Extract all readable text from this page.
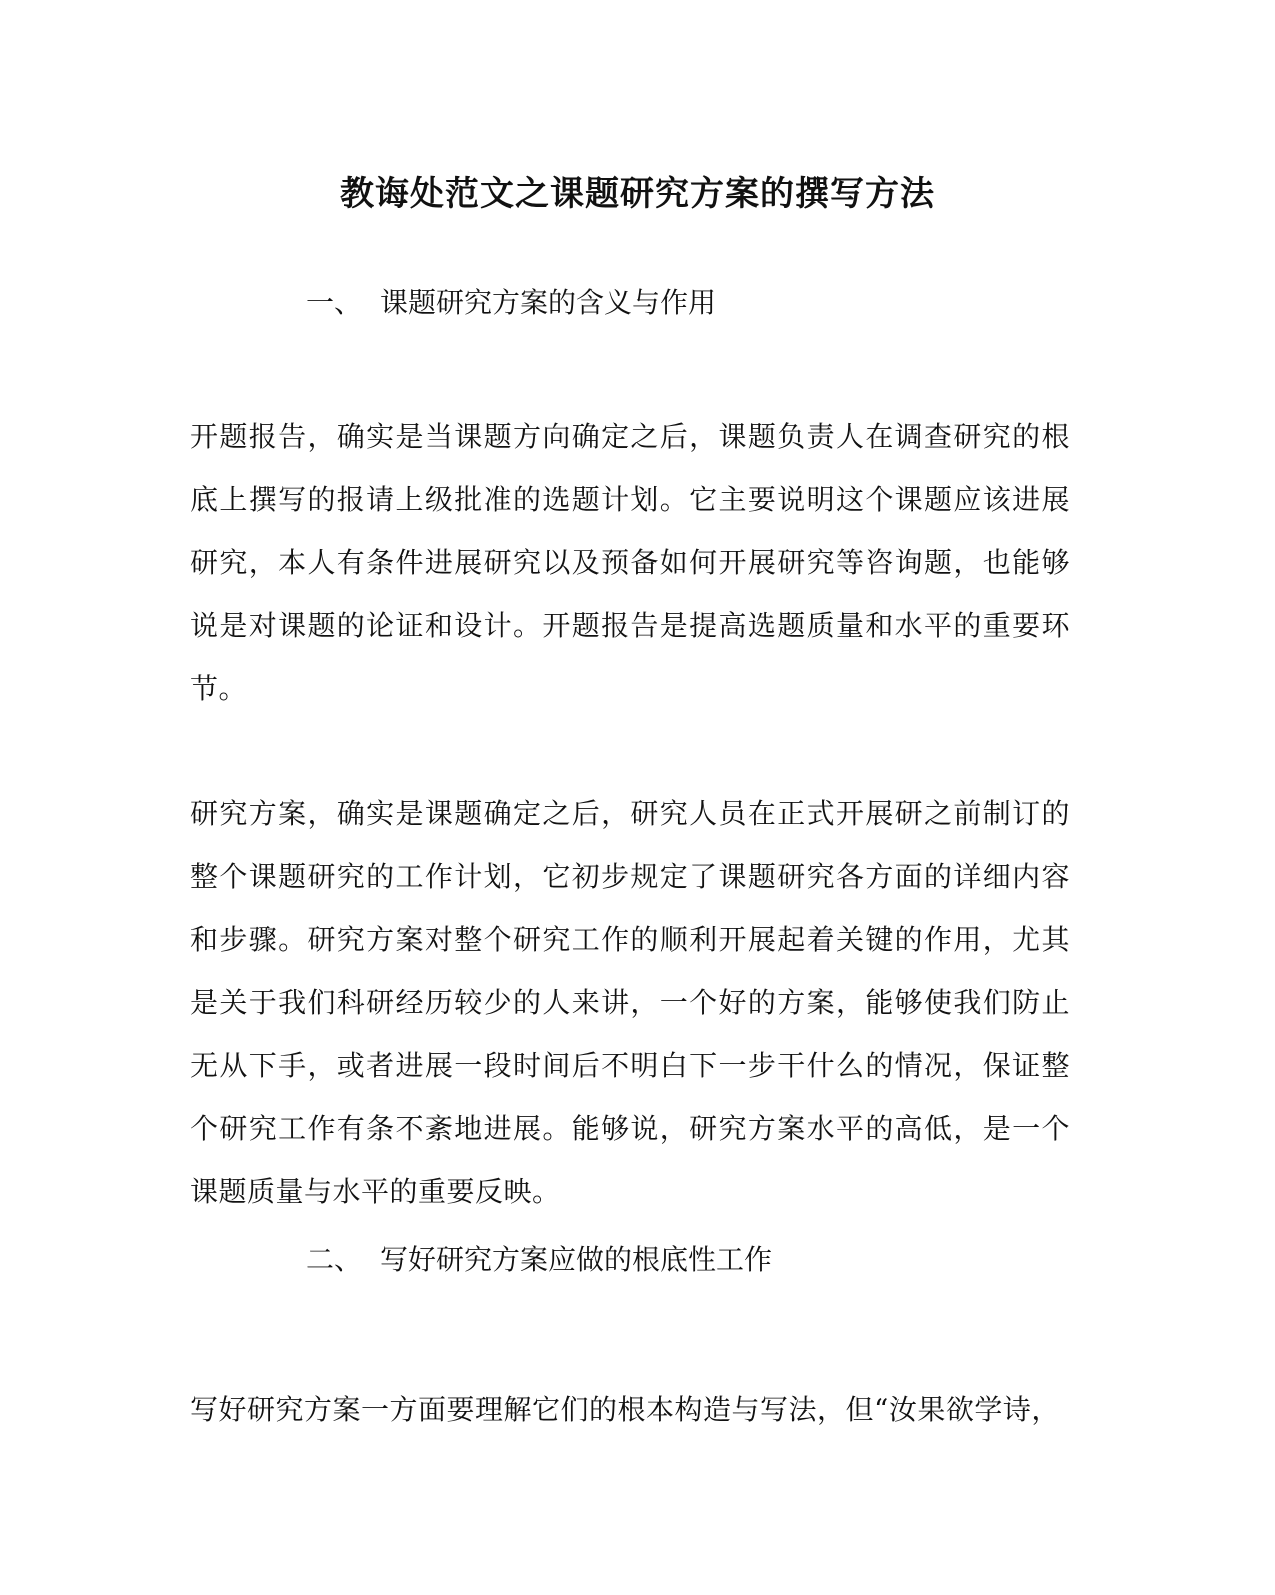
教诲处范文之课题研究方案的撰写方法
一、 课题研究方案的含义与作用

开题报告，确实是当课题方向确定之后，课题负责人在调查研究的根底上撰写的报请上级批准的选题计划。它主要说明这个课题应该进展研究，本人有条件进展研究以及预备如何开展研究等咨询题，也能够说是对课题的论证和设计。开题报告是提高选题质量和水平的重要环节。

研究方案，确实是课题确定之后，研究人员在正式开展研之前制订的整个课题研究的工作计划，它初步规定了课题研究各方面的详细内容和步骤。研究方案对整个研究工作的顺利开展起着关键的作用，尤其是关于我们科研经历较少的人来讲，一个好的方案，能够使我们防止无从下手，或者进展一段时间后不明白下一步干什么的情况，保证整个研究工作有条不紊地进展。能够说，研究方案水平的高低，是一个课题质量与水平的重要反映。

二、 写好研究方案应做的根底性工作

写好研究方案一方面要理解它们的根本构造与写法，但“汝果欲学诗，
